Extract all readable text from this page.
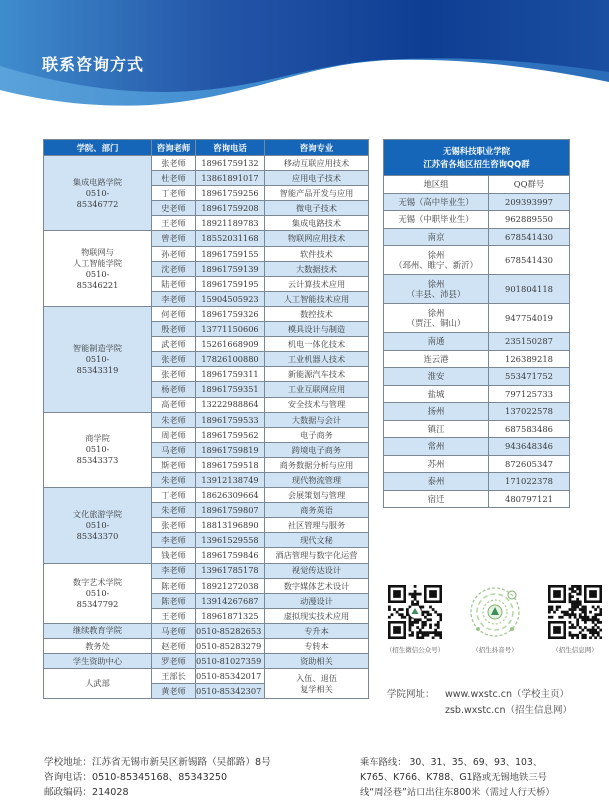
联系咨询方式
学院、部门	咨询老师	咨询电话	咨询专业

集成电路学院
0510-
85346772	张老师	18961759132	移动互联应用技术
	杜老师	13861891017	应用电子技术
	丁老师	18961759256	智能产品开发与应用
	史老师	18961759208	微电子技术
	王老师	18921189783	集成电路技术

物联网与
人工智能学院
0510-
85346221	曾老师	18552031168	物联网应用技术
	孙老师	18961759155	软件技术
	沈老师	18961759139	大数据技术
	陆老师	18961759195	云计算技术应用
	李老师	15904505923	人工智能技术应用

智能制造学院
0510-
85343319	何老师	18961759326	数控技术
	殷老师	13771150606	模具设计与制造
	武老师	15261668909	机电一体化技术
	张老师	17826100880	工业机器人技术
	张老师	18961759311	新能源汽车技术
	杨老师	18961759351	工业互联网应用
	高老师	13222988864	安全技术与管理

商学院
0510-
85343373	朱老师	18961759533	大数据与会计
	周老师	18961759562	电子商务
	马老师	18961759819	跨境电子商务
	斯老师	18961759518	商务数据分析与应用
	朱老师	13912138749	现代物流管理

文化旅游学院
0510-
85343370	丁老师	18626309664	会展策划与管理
	朱老师	18961759807	商务英语
	张老师	18813196890	社区管理与服务
	李老师	13961529558	现代文秘
	钱老师	18961759846	酒店管理与数字化运营

数字艺术学院
0510-
85347792	李老师	13961785178	视觉传达设计
	陈老师	18921272038	数字媒体艺术设计
	陈老师	13914267687	动漫设计
	王老师	18961871325	虚拟现实技术应用

继续教育学院	马老师	0510-85282653	专升本

教务处	赵老师	0510-85283279	专转本

学生资助中心	罗老师	0510-81027359	资助相关

人武部	王部长	0510-85342017	入伍、退伍
复学相关

	黄老师	0510-85342307	
无锡科技职业学院
江苏省各地区招生咨询QQ群	

地区组	QQ群号

无锡（高中毕业生）	209393997

无锡（中职毕业生）	962889550

南京	678541430

徐州
（邳州、睢宁、新沂）	678541430

徐州
（丰县、沛县）	901804118

徐州
（贾汪、铜山）	947754019

南通	235150287

连云港	126389218

淮安	553471752

盐城	797125733

扬州	137022578

镇江	687583486

常州	943648346

苏州	872605347

泰州	171022378

宿迁	480797121
（招生微信公众号）	（招生抖音号）	（招生信息网）
学院网址：	www.wxstc.cn（学校主页）
zsb.wxstc.cn（招生信息网）
学校地址：江苏省无锡市新吴区新锡路（吴都路）8号
咨询电话：0510-85345168、85343250
邮政编码：214028
乘车路线： 30、31、35、69、93、103、
K765、K766、K788、G1路或无锡地铁三号
线“周泾巷”站口出往东800米（需过人行天桥）
